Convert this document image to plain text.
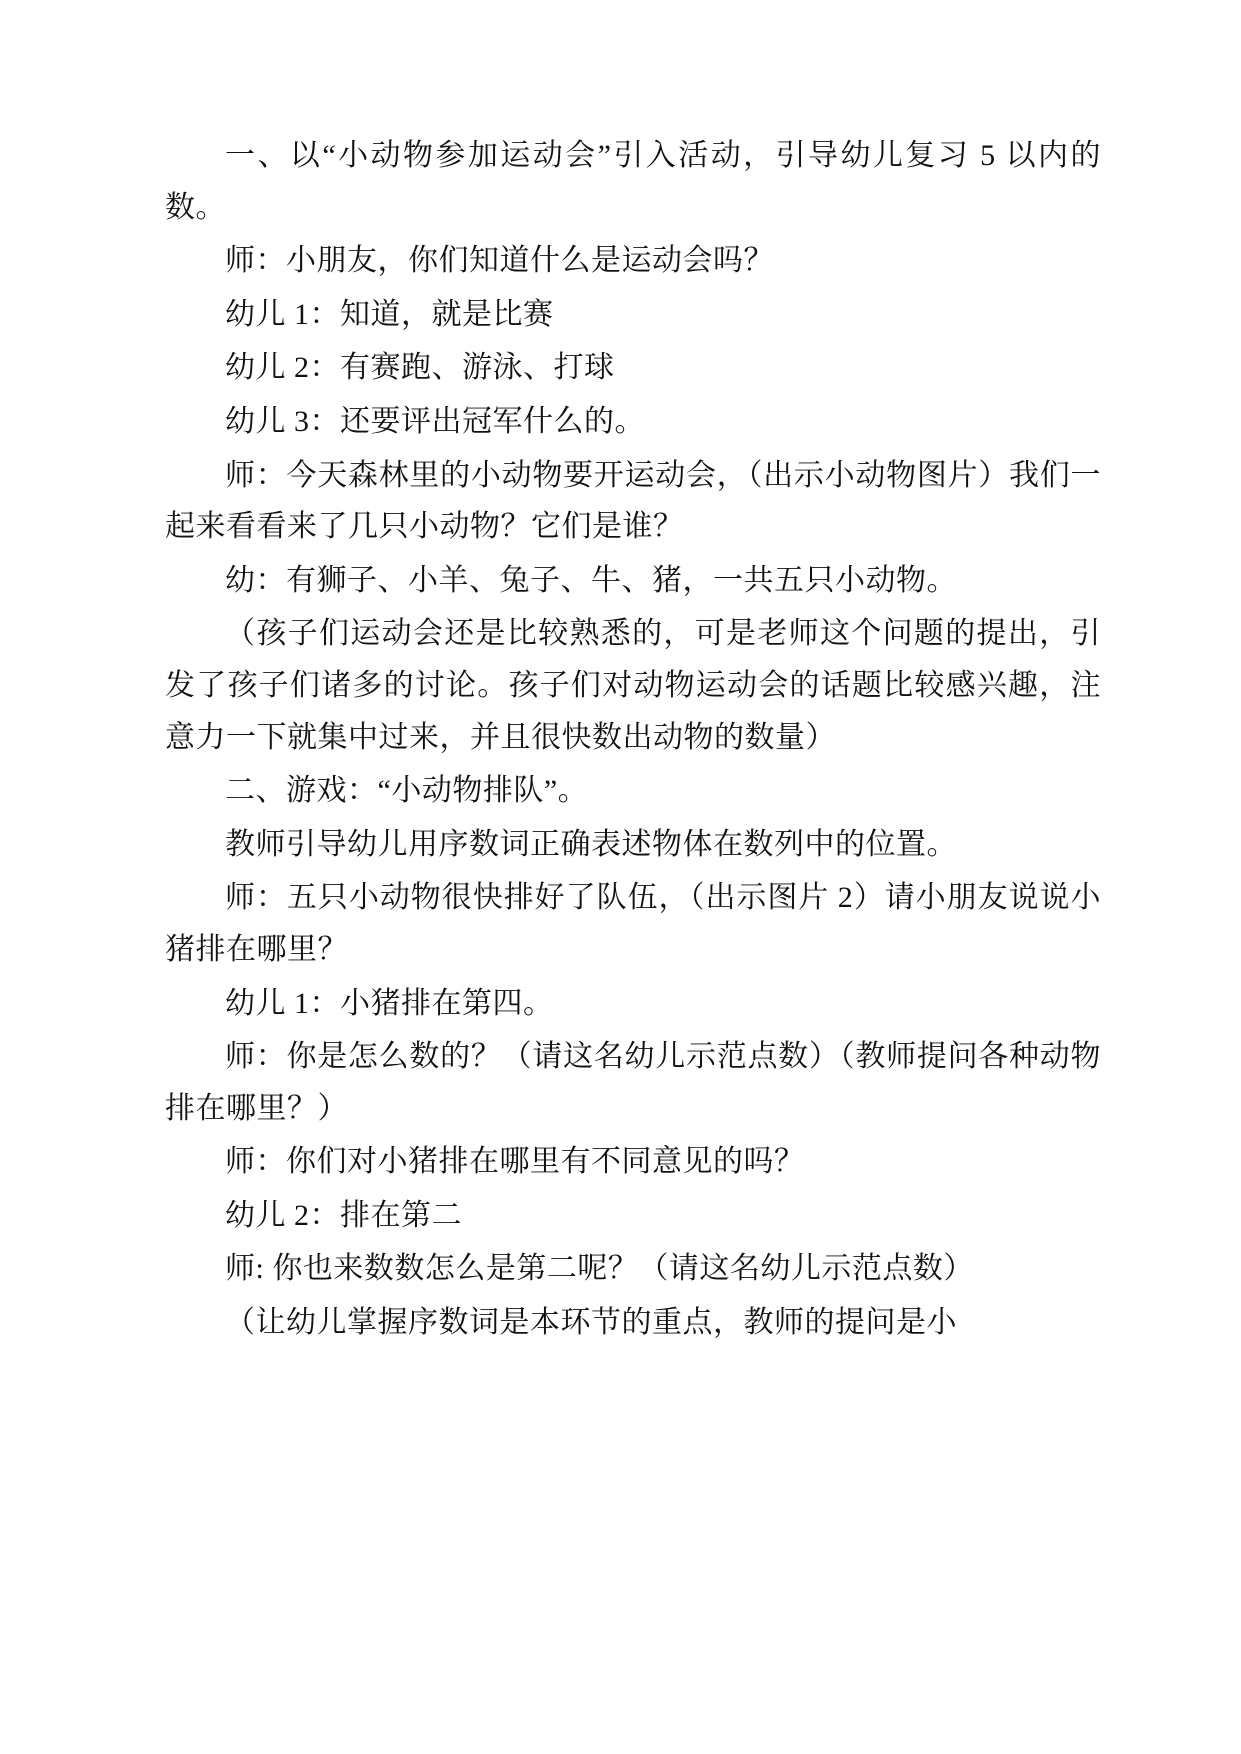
一、以“小动物参加运动会”引入活动，引导幼儿复习 5 以内的数。

师：小朋友，你们知道什么是运动会吗？

幼儿 1：知道，就是比赛

幼儿 2：有赛跑、游泳、打球

幼儿 3：还要评出冠军什么的。

师：今天森林里的小动物要开运动会，（出示小动物图片）我们一起来看看来了几只小动物？它们是谁？

幼：有狮子、小羊、兔子、牛、猪，一共五只小动物。

（孩子们运动会还是比较熟悉的，可是老师这个问题的提出，引发了孩子们诸多的讨论。孩子们对动物运动会的话题比较感兴趣，注意力一下就集中过来，并且很快数出动物的数量）

二、游戏：“小动物排队”。

教师引导幼儿用序数词正确表述物体在数列中的位置。

师：五只小动物很快排好了队伍，（出示图片 2）请小朋友说说小猪排在哪里？

幼儿 1：小猪排在第四。

师：你是怎么数的？（请这名幼儿示范点数）（教师提问各种动物排在哪里？）

师：你们对小猪排在哪里有不同意见的吗？

幼儿 2：排在第二

师: 你也来数数怎么是第二呢？（请这名幼儿示范点数）

（让幼儿掌握序数词是本环节的重点，教师的提问是小
